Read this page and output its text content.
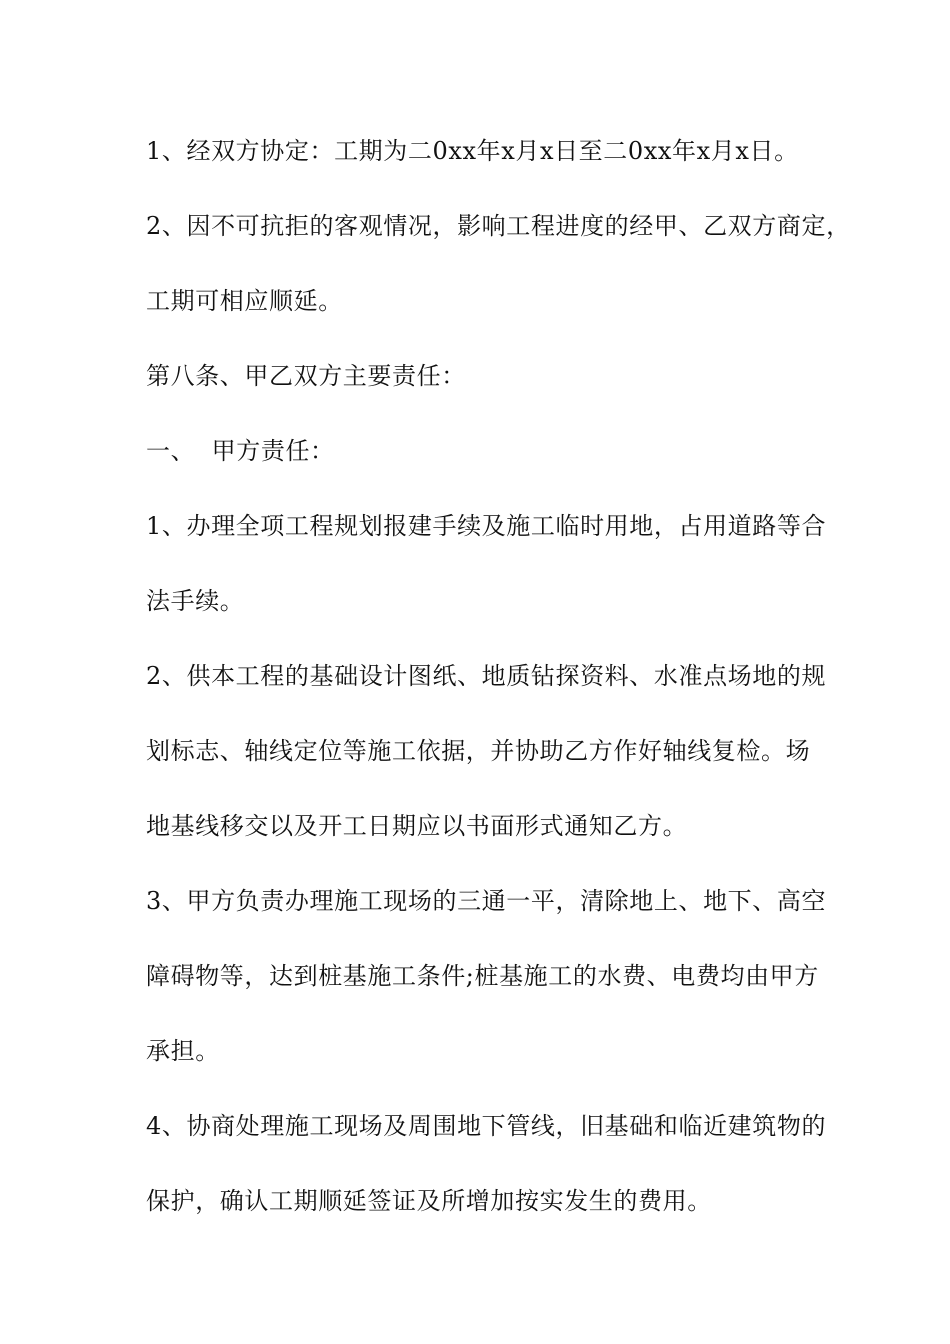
1、经双方协定：工期为二0xx年x月x日至二0xx年x月x日。
2、因不可抗拒的客观情况，影响工程进度的经甲、乙双方商定，
工期可相应顺延。
第八条、甲乙双方主要责任：
一、  甲方责任：
1、办理全项工程规划报建手续及施工临时用地，占用道路等合
法手续。
2、供本工程的基础设计图纸、地质钻探资料、水准点场地的规
划标志、轴线定位等施工依据，并协助乙方作好轴线复检。场
地基线移交以及开工日期应以书面形式通知乙方。
3、甲方负责办理施工现场的三通一平，清除地上、地下、高空
障碍物等，达到桩基施工条件;桩基施工的水费、电费均由甲方
承担。
4、协商处理施工现场及周围地下管线，旧基础和临近建筑物的
保护，确认工期顺延签证及所增加按实发生的费用。
